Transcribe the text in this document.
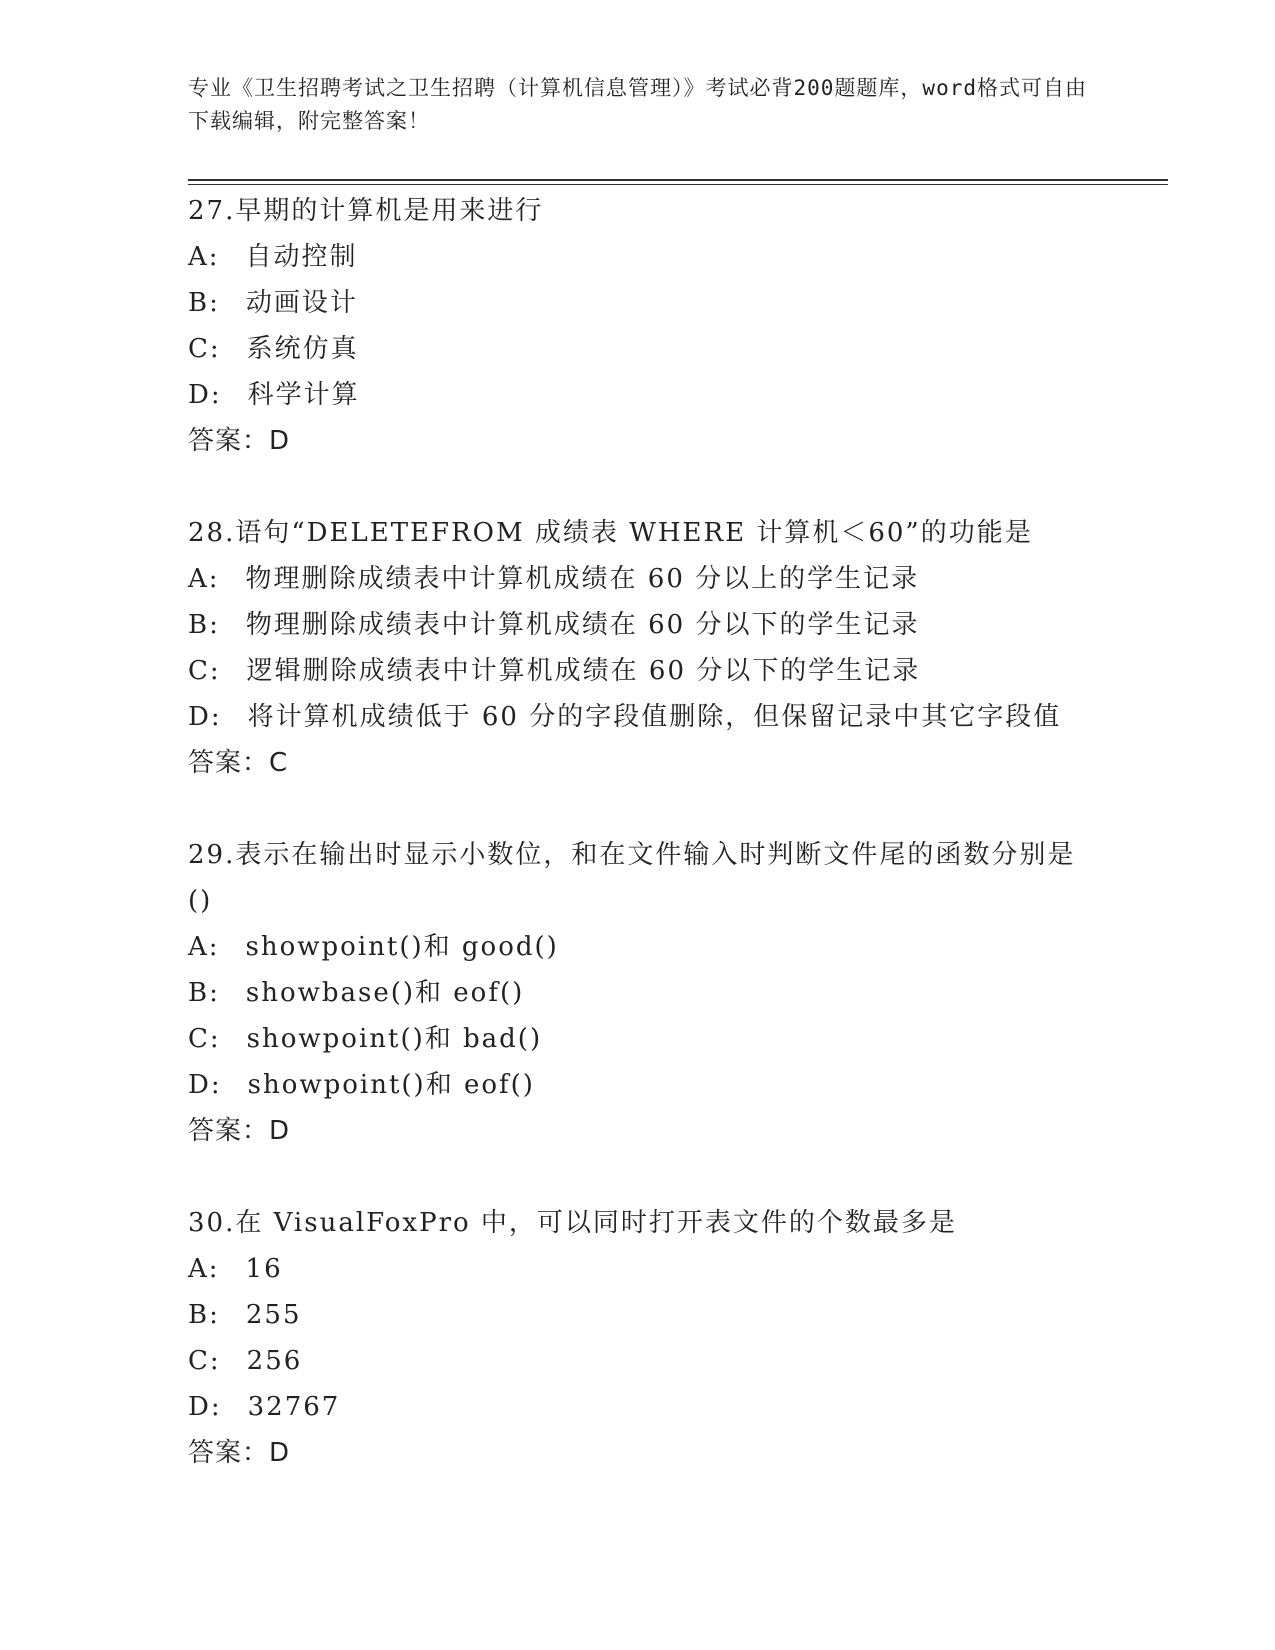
专业《卫生招聘考试之卫生招聘（计算机信息管理）》考试必背200题题库，word格式可自由下载编辑，附完整答案！
27.早期的计算机是用来进行
A: 自动控制
B: 动画设计
C: 系统仿真
D: 科学计算
答案：D
28.语句“DELETEFROM 成绩表 WHERE 计算机＜60”的功能是
A: 物理删除成绩表中计算机成绩在 60 分以上的学生记录
B: 物理删除成绩表中计算机成绩在 60 分以下的学生记录
C: 逻辑删除成绩表中计算机成绩在 60 分以下的学生记录
D: 将计算机成绩低于 60 分的字段值删除，但保留记录中其它字段值
答案：C
29.表示在输出时显示小数位，和在文件输入时判断文件尾的函数分别是()
A: showpoint()和 good()
B: showbase()和 eof()
C: showpoint()和 bad()
D: showpoint()和 eof()
答案：D
30.在 VisualFoxPro 中，可以同时打开表文件的个数最多是
A: 16
B: 255
C: 256
D: 32767
答案：D
